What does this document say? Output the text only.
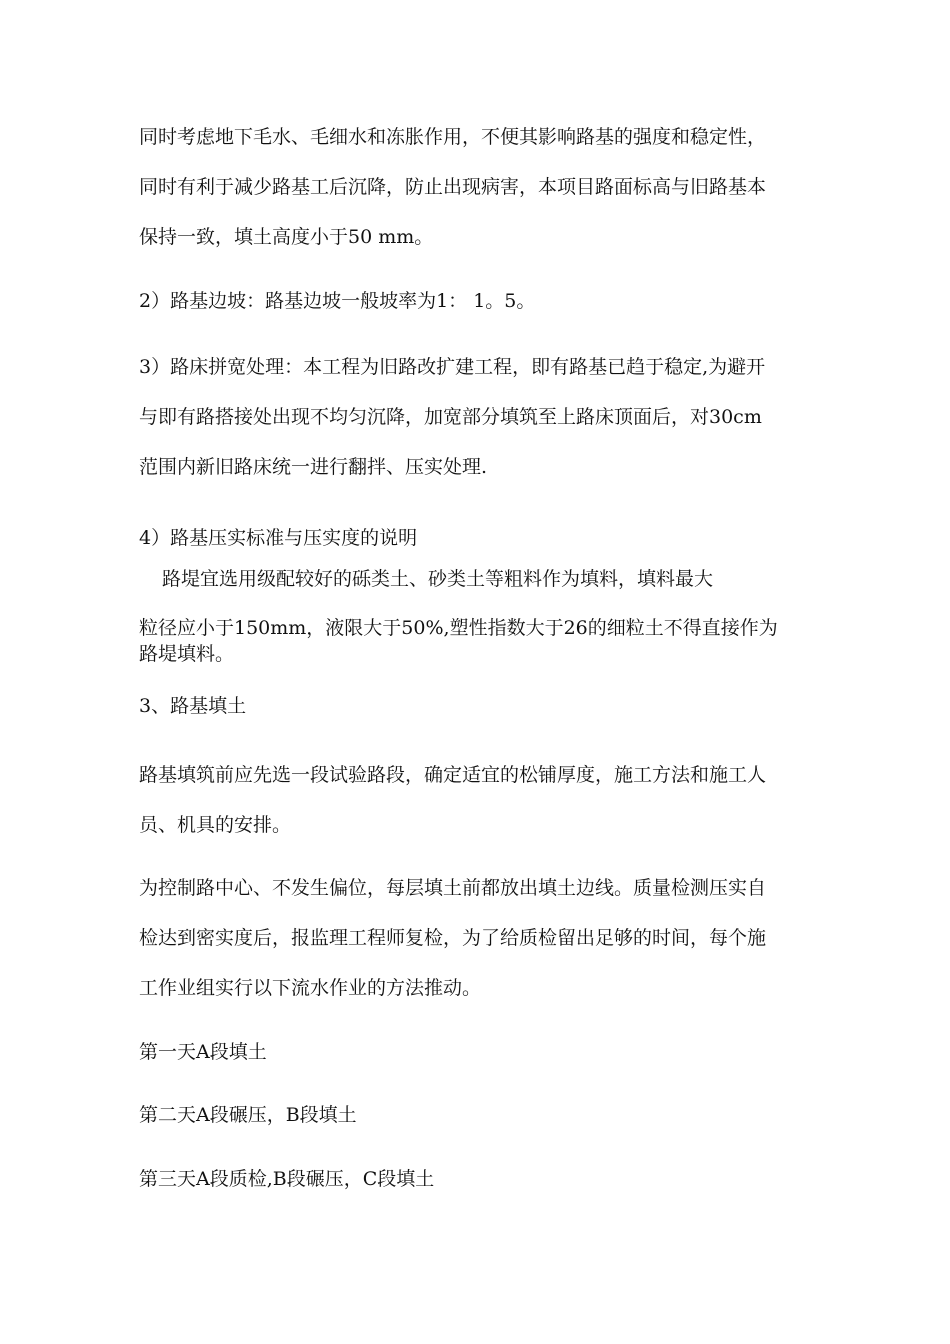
同时考虑地下毛水、毛细水和冻胀作用，不便其影响路基的强度和稳定性，
同时有利于减少路基工后沉降，防止出现病害，本项目路面标高与旧路基本
保持一致，填土高度小于50 mm。
2）路基边坡：路基边坡一般坡率为1： 1。5。
3）路床拼宽处理：本工程为旧路改扩建工程，即有路基已趋于稳定,为避开
与即有路搭接处出现不均匀沉降，加宽部分填筑至上路床顶面后，对30cm
范围内新旧路床统一进行翻拌、压实处理.
4）路基压实标准与压实度的说明
路堤宜选用级配较好的砾类土、砂类土等粗料作为填料，填料最大
粒径应小于150mm，液限大于50%,塑性指数大于26的细粒土不得直接作为
路堤填料。
3、路基填土
路基填筑前应先选一段试验路段，确定适宜的松铺厚度，施工方法和施工人
员、机具的安排。
为控制路中心、不发生偏位，每层填土前都放出填土边线。质量检测压实自
检达到密实度后，报监理工程师复检，为了给质检留出足够的时间，每个施
工作业组实行以下流水作业的方法推动。
第一天A段填土
第二天A段碾压，B段填土
第三天A段质检,B段碾压，C段填土
